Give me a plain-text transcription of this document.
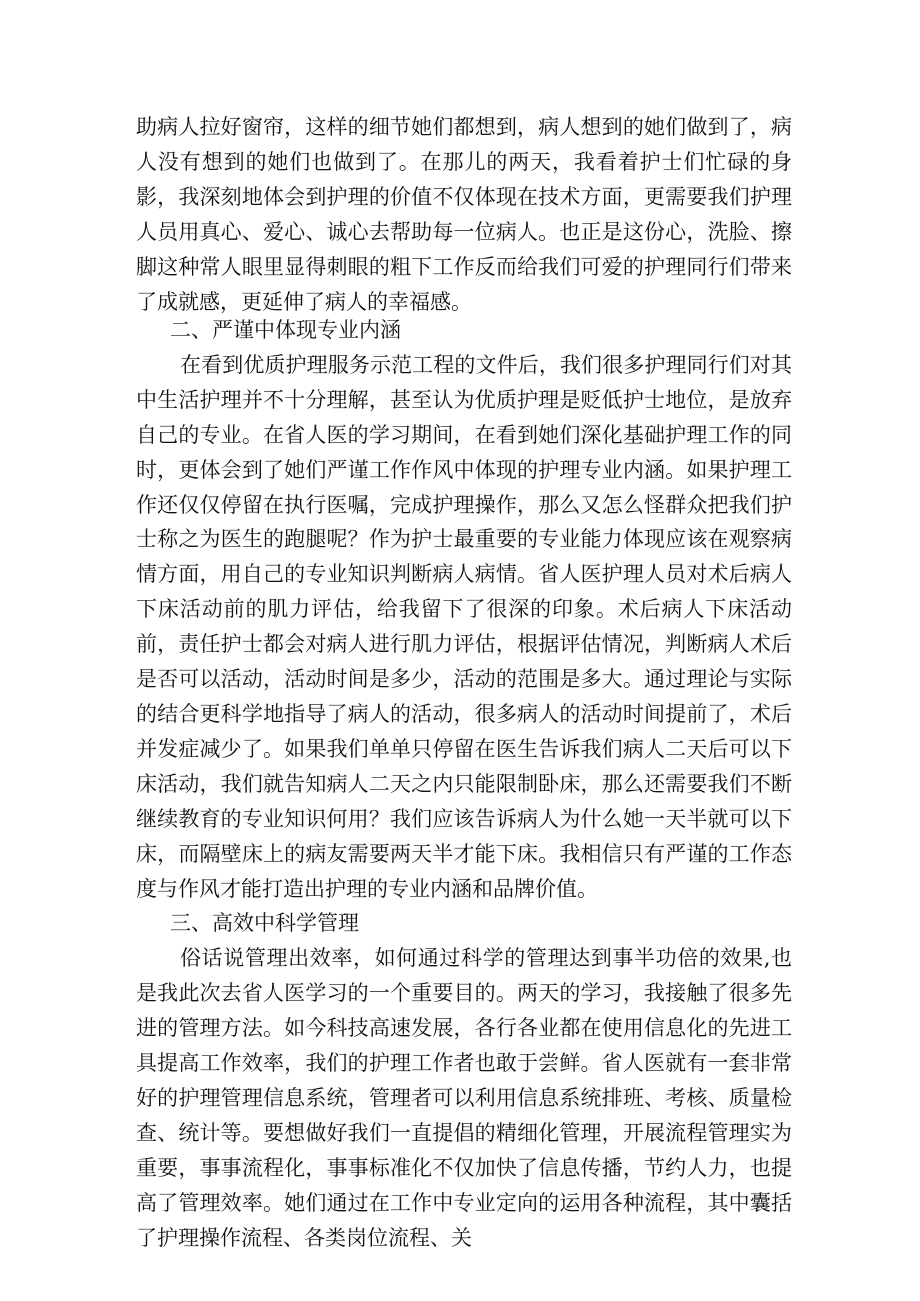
助病人拉好窗帘，这样的细节她们都想到，病人想到的她们做到了，病人没有想到的她们也做到了。在那儿的两天，我看着护士们忙碌的身影，我深刻地体会到护理的价值不仅体现在技术方面，更需要我们护理人员用真心、爱心、诚心去帮助每一位病人。也正是这份心，洗脸、擦脚这种常人眼里显得刺眼的粗下工作反而给我们可爱的护理同行们带来了成就感，更延伸了病人的幸福感。

二、严谨中体现专业内涵
在看到优质护理服务示范工程的文件后，我们很多护理同行们对其中生活护理并不十分理解，甚至认为优质护理是贬低护士地位，是放弃自己的专业。在省人医的学习期间，在看到她们深化基础护理工作的同时，更体会到了她们严谨工作作风中体现的护理专业内涵。如果护理工作还仅仅停留在执行医嘱，完成护理操作，那么又怎么怪群众把我们护士称之为医生的跑腿呢？作为护士最重要的专业能力体现应该在观察病情方面，用自己的专业知识判断病人病情。省人医护理人员对术后病人下床活动前的肌力评估，给我留下了很深的印象。术后病人下床活动前，责任护士都会对病人进行肌力评估，根据评估情况，判断病人术后是否可以活动，活动时间是多少，活动的范围是多大。通过理论与实际的结合更科学地指导了病人的活动，很多病人的活动时间提前了，术后并发症减少了。如果我们单单只停留在医生告诉我们病人二天后可以下床活动，我们就告知病人二天之内只能限制卧床，那么还需要我们不断继续教育的专业知识何用？我们应该告诉病人为什么她一天半就可以下床，而隔壁床上的病友需要两天半才能下床。我相信只有严谨的工作态度与作风才能打造出护理的专业内涵和品牌价值。
三、高效中科学管理
俗话说管理出效率，如何通过科学的管理达到事半功倍的效果,也是我此次去省人医学习的一个重要目的。两天的学习，我接触了很多先进的管理方法。如今科技高速发展，各行各业都在使用信息化的先进工具提高工作效率，我们的护理工作者也敢于尝鲜。省人医就有一套非常好的护理管理信息系统，管理者可以利用信息系统排班、考核、质量检查、统计等。要想做好我们一直提倡的精细化管理，开展流程管理实为重要，事事流程化，事事标准化不仅加快了信息传播，节约人力，也提高了管理效率。她们通过在工作中专业定向的运用各种流程，其中囊括了护理操作流程、各类岗位流程、关
